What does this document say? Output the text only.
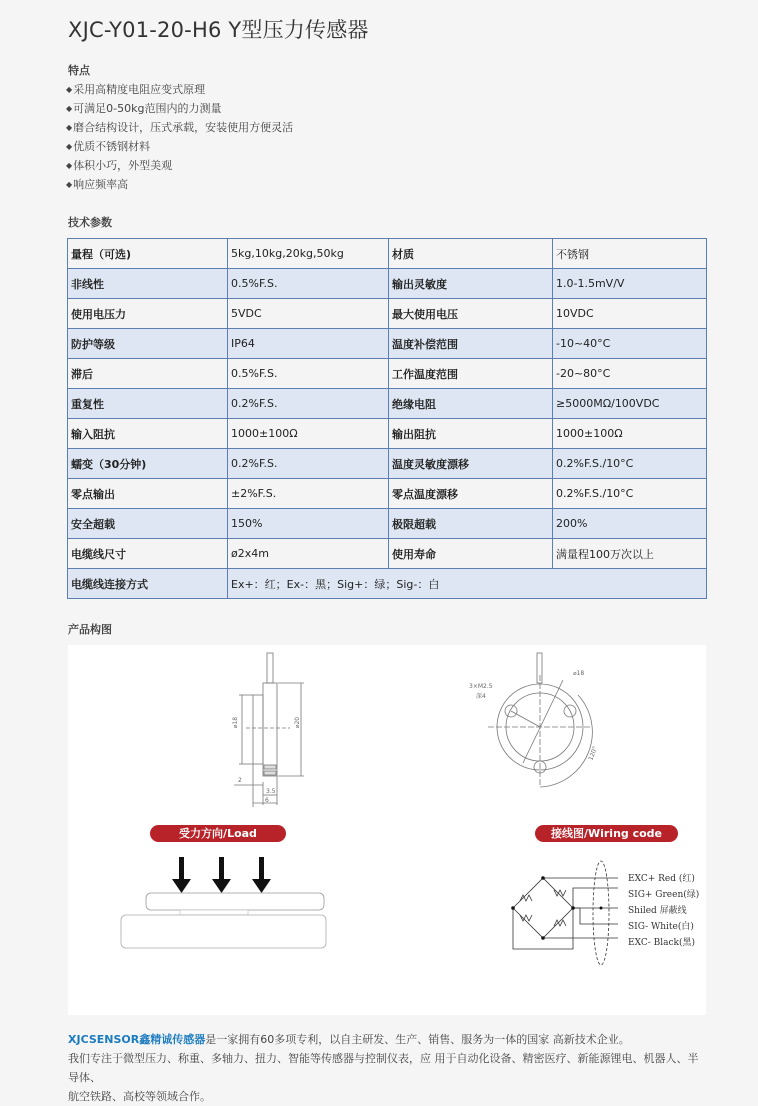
XJC-Y01-20-H6 Y型压力传感器
特点
◆采用高精度电阻应变式原理
◆可满足0-50kg范围内的力测量
◆磨合结构设计，压式承载，安装使用方便灵活
◆优质不锈钢材料
◆体积小巧，外型美观
◆响应频率高
技术参数
量程（可选)	5kg,10kg,20kg,50kg	材质	不锈钢
非线性	0.5%F.S.	输出灵敏度	1.0-1.5mV/V
使用电压力	5VDC	最大使用电压	10VDC
防护等级	IP64	温度补偿范围	-10~40°C
滞后	0.5%F.S.	工作温度范围	-20~80°C
重复性	0.2%F.S.	绝缘电阻	≥5000MΩ/100VDC
输入阻抗	1000±100Ω	输出阻抗	1000±100Ω
蠕变（30分钟)	0.2%F.S.	温度灵敏度漂移	0.2%F.S./10°C
零点输出	±2%F.S.	零点温度漂移	0.2%F.S./10°C
安全超载	150%	极限超载	200%
电缆线尺寸	ø2x4m	使用寿命	满量程100万次以上
电缆线连接方式	Ex+：红；Ex-：黑；Sig+：绿；Sig-：白		
产品构图
⌀18	⌀20
2
3.5
6
3×M2.5
深4
⌀18
120°
受力方向/Load direction
接线图/Wiring code
EXC+ Red (红)
SIG+ Green(绿)
Shiled 屏蔽线
SIG- White(白)
EXC- Black(黑)
XJCSENSOR鑫精诚传感器是一家拥有60多项专利，以自主研发、生产、销售、服务为一体的国家 高新技术企业。
我们专注于微型压力、称重、多轴力、扭力、智能等传感器与控制仪表，应 用于自动化设备、精密医疗、新能源锂电、机器人、半导体、
航空铁路、高校等领域合作。
